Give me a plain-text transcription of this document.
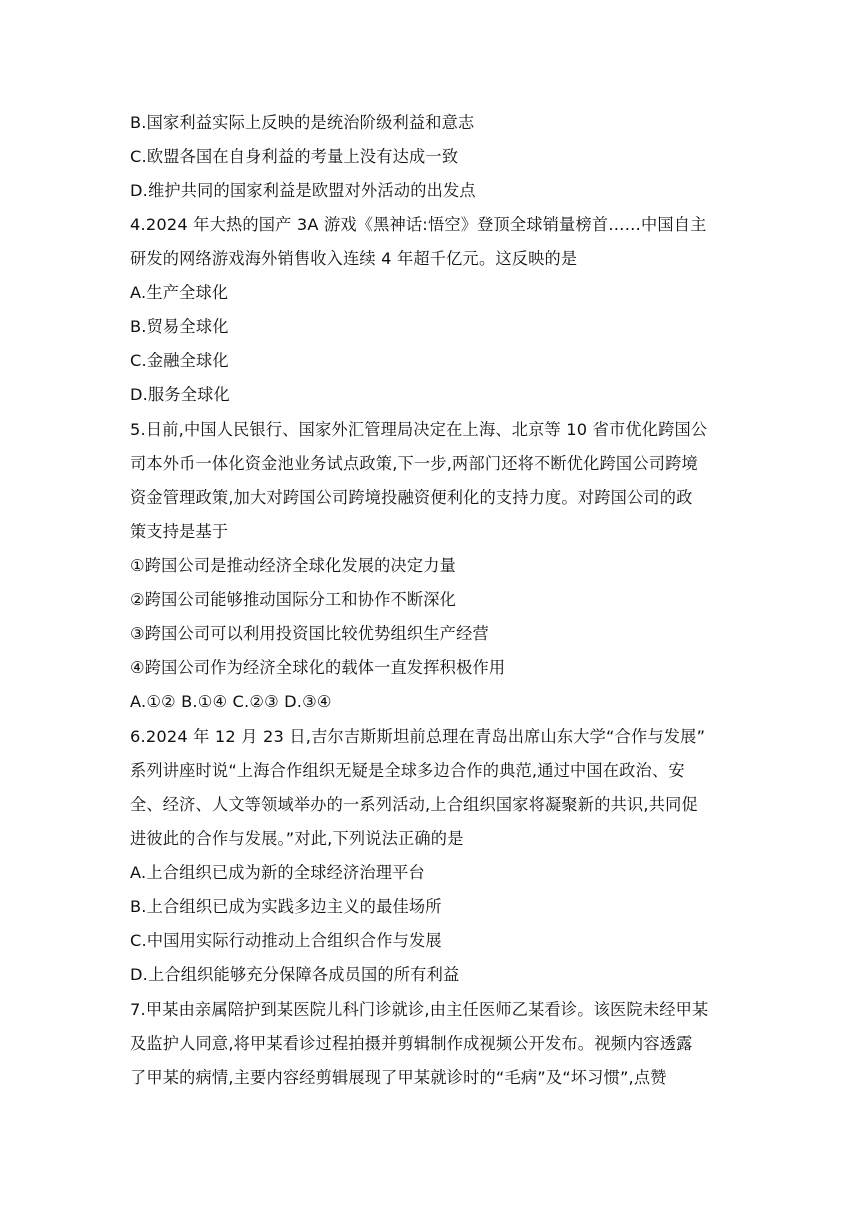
B.国家利益实际上反映的是统治阶级利益和意志
C.欧盟各国在自身利益的考量上没有达成一致
D.维护共同的国家利益是欧盟对外活动的出发点
4.2024 年大热的国产 3A 游戏《黑神话:悟空》登顶全球销量榜首……中国自主
研发的网络游戏海外销售收入连续 4 年超千亿元。这反映的是
A.生产全球化
B.贸易全球化
C.金融全球化
D.服务全球化
5.日前,中国人民银行、国家外汇管理局决定在上海、北京等 10 省市优化跨国公
司本外币一体化资金池业务试点政策,下一步,两部门还将不断优化跨国公司跨境
资金管理政策,加大对跨国公司跨境投融资便利化的支持力度。对跨国公司的政
策支持是基于
①跨国公司是推动经济全球化发展的决定力量
②跨国公司能够推动国际分工和协作不断深化
③跨国公司可以利用投资国比较优势组织生产经营
④跨国公司作为经济全球化的载体一直发挥积极作用
A.①② B.①④ C.②③ D.③④
6.2024 年 12 月 23 日,吉尔吉斯斯坦前总理在青岛出席山东大学“合作与发展”
系列讲座时说“上海合作组织无疑是全球多边合作的典范,通过中国在政治、安
全、经济、人文等领域举办的一系列活动,上合组织国家将凝聚新的共识,共同促
进彼此的合作与发展。”对此,下列说法正确的是
A.上合组织已成为新的全球经济治理平台
B.上合组织已成为实践多边主义的最佳场所
C.中国用实际行动推动上合组织合作与发展
D.上合组织能够充分保障各成员国的所有利益
7.甲某由亲属陪护到某医院儿科门诊就诊,由主任医师乙某看诊。该医院未经甲某
及监护人同意,将甲某看诊过程拍摄并剪辑制作成视频公开发布。视频内容透露
了甲某的病情,主要内容经剪辑展现了甲某就诊时的“毛病”及“坏习惯”,点赞
